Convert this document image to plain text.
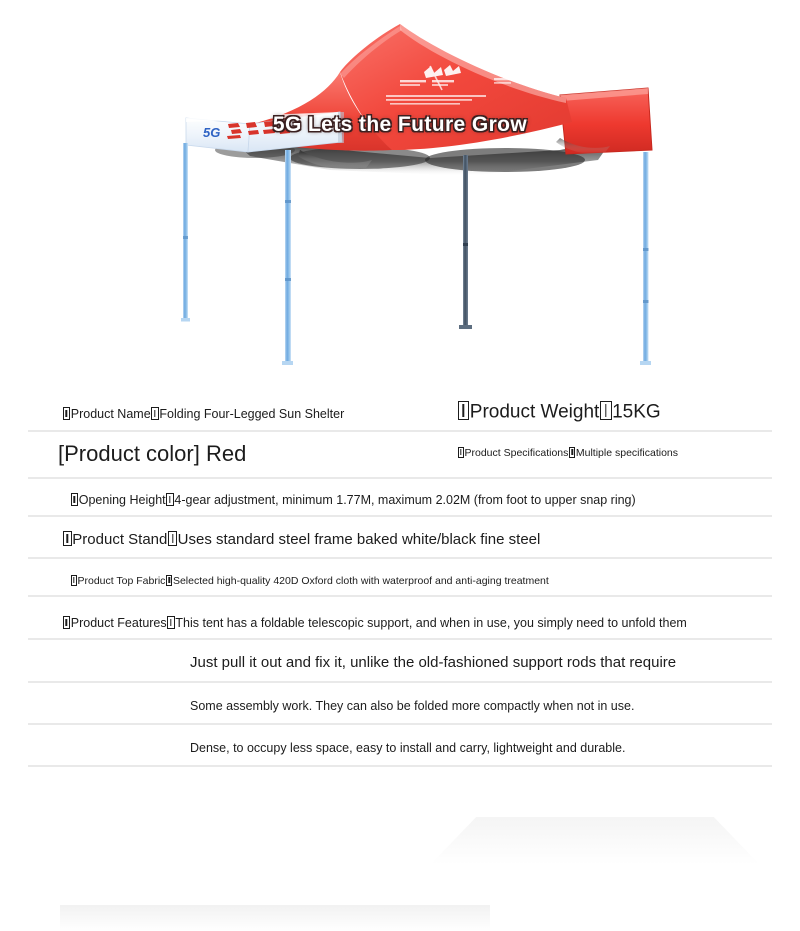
5G	5G Lets the Future Grow
Product Name Folding Four-Legged Sun Shelter	Product Weight 15KG
[Product color] Red	Product Specifications Multiple specifications
Opening Height 4-gear adjustment, minimum 1.77M, maximum 2.02M (from foot to upper snap ring)
Product Stand Uses standard steel frame baked white/black fine steel
Product Top Fabric Selected high-quality 420D Oxford cloth with waterproof and anti-aging treatment
Product Features This tent has a foldable telescopic support, and when in use, you simply need to unfold them
Just pull it out and fix it, unlike the old-fashioned support rods that require
Some assembly work. They can also be folded more compactly when not in use.
Dense, to occupy less space, easy to install and carry, lightweight and durable.
